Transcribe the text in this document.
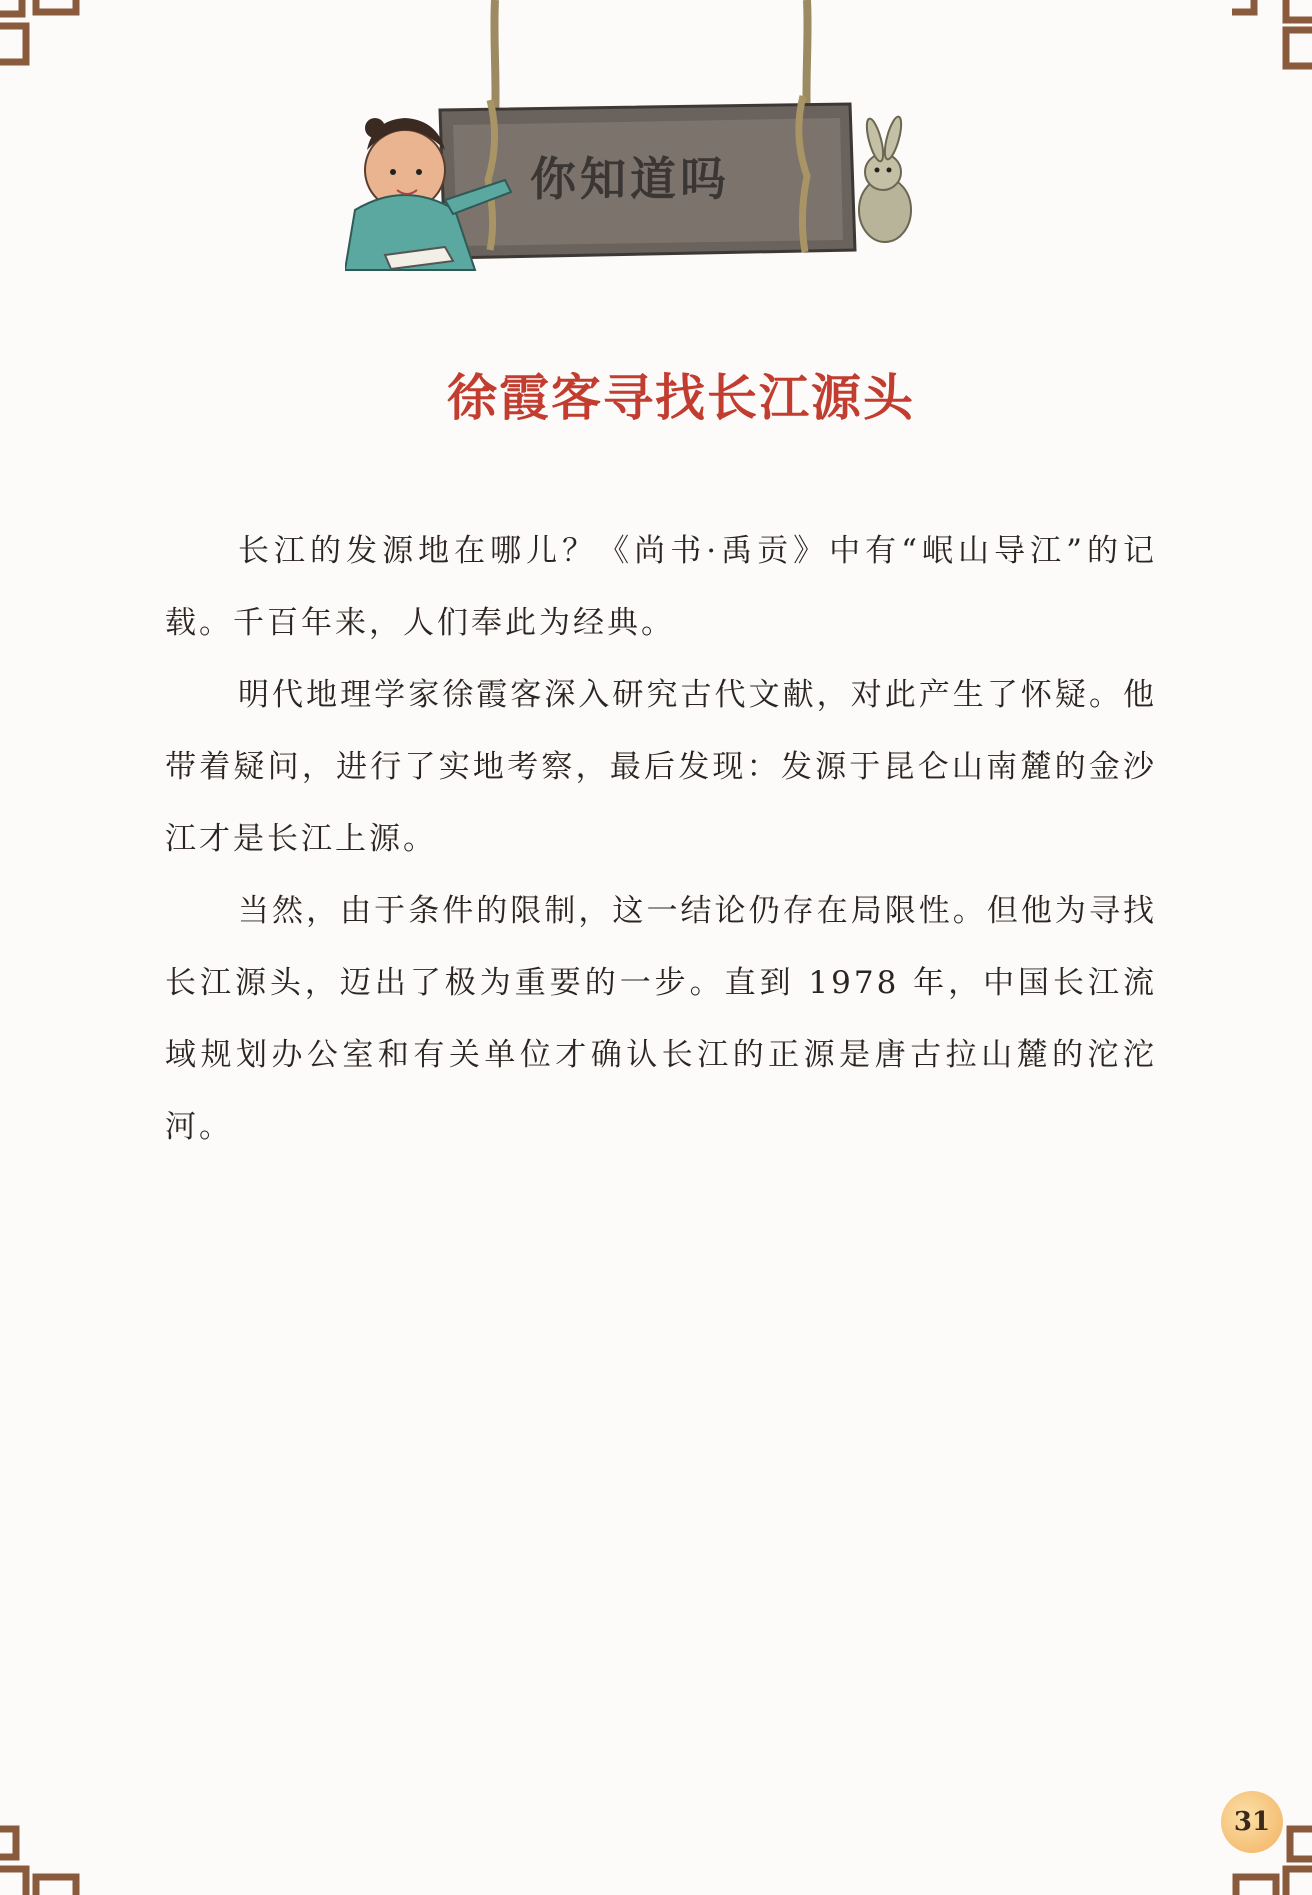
你知道吗
徐霞客寻找长江源头

长江的发源地在哪儿？《尚书·禹贡》中有“岷山导江”的记载。千百年来，人们奉此为经典。

明代地理学家徐霞客深入研究古代文献，对此产生了怀疑。他带着疑问，进行了实地考察，最后发现：发源于昆仑山南麓的金沙江才是长江上源。

当然，由于条件的限制，这一结论仍存在局限性。但他为寻找长江源头，迈出了极为重要的一步。直到 1978 年，中国长江流域规划办公室和有关单位才确认长江的正源是唐古拉山麓的沱沱河。

31
